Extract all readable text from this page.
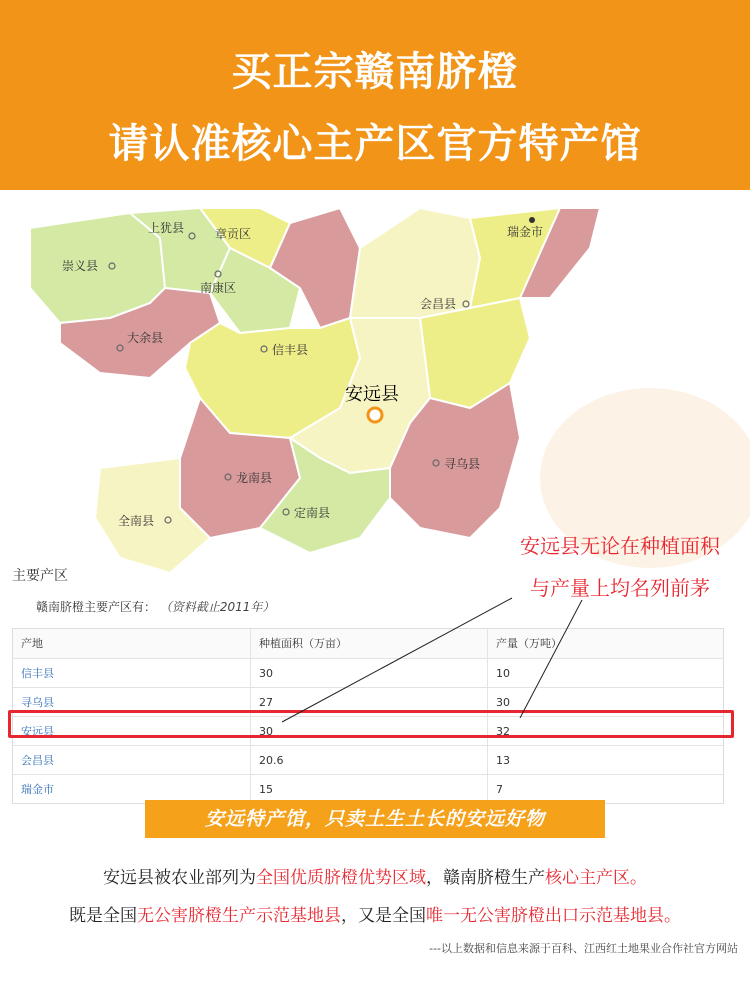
买正宗赣南脐橙
请认准核心主产区官方特产馆
上犹县	章贡区	瑞金市
崇义县
南康区
会昌县
大余县
信丰县
安远县
寻乌县
龙南县
全南县
定南县
安远县无论在种植面积
与产量上均名列前茅
主要产区
赣南脐橙主要产区有： （资料截止2011年）
产地	种植面积（万亩）	产量（万吨）
信丰县	30	10
寻乌县	27	30
安远县	30	32
会昌县	20.6	13
瑞金市	15	7
安远特产馆，只卖土生土长的安远好物
安远县被农业部列为全国优质脐橙优势区域，赣南脐橙生产核心主产区。
既是全国无公害脐橙生产示范基地县，又是全国唯一无公害脐橙出口示范基地县。
---以上数据和信息来源于百科、江西红土地果业合作社官方网站
